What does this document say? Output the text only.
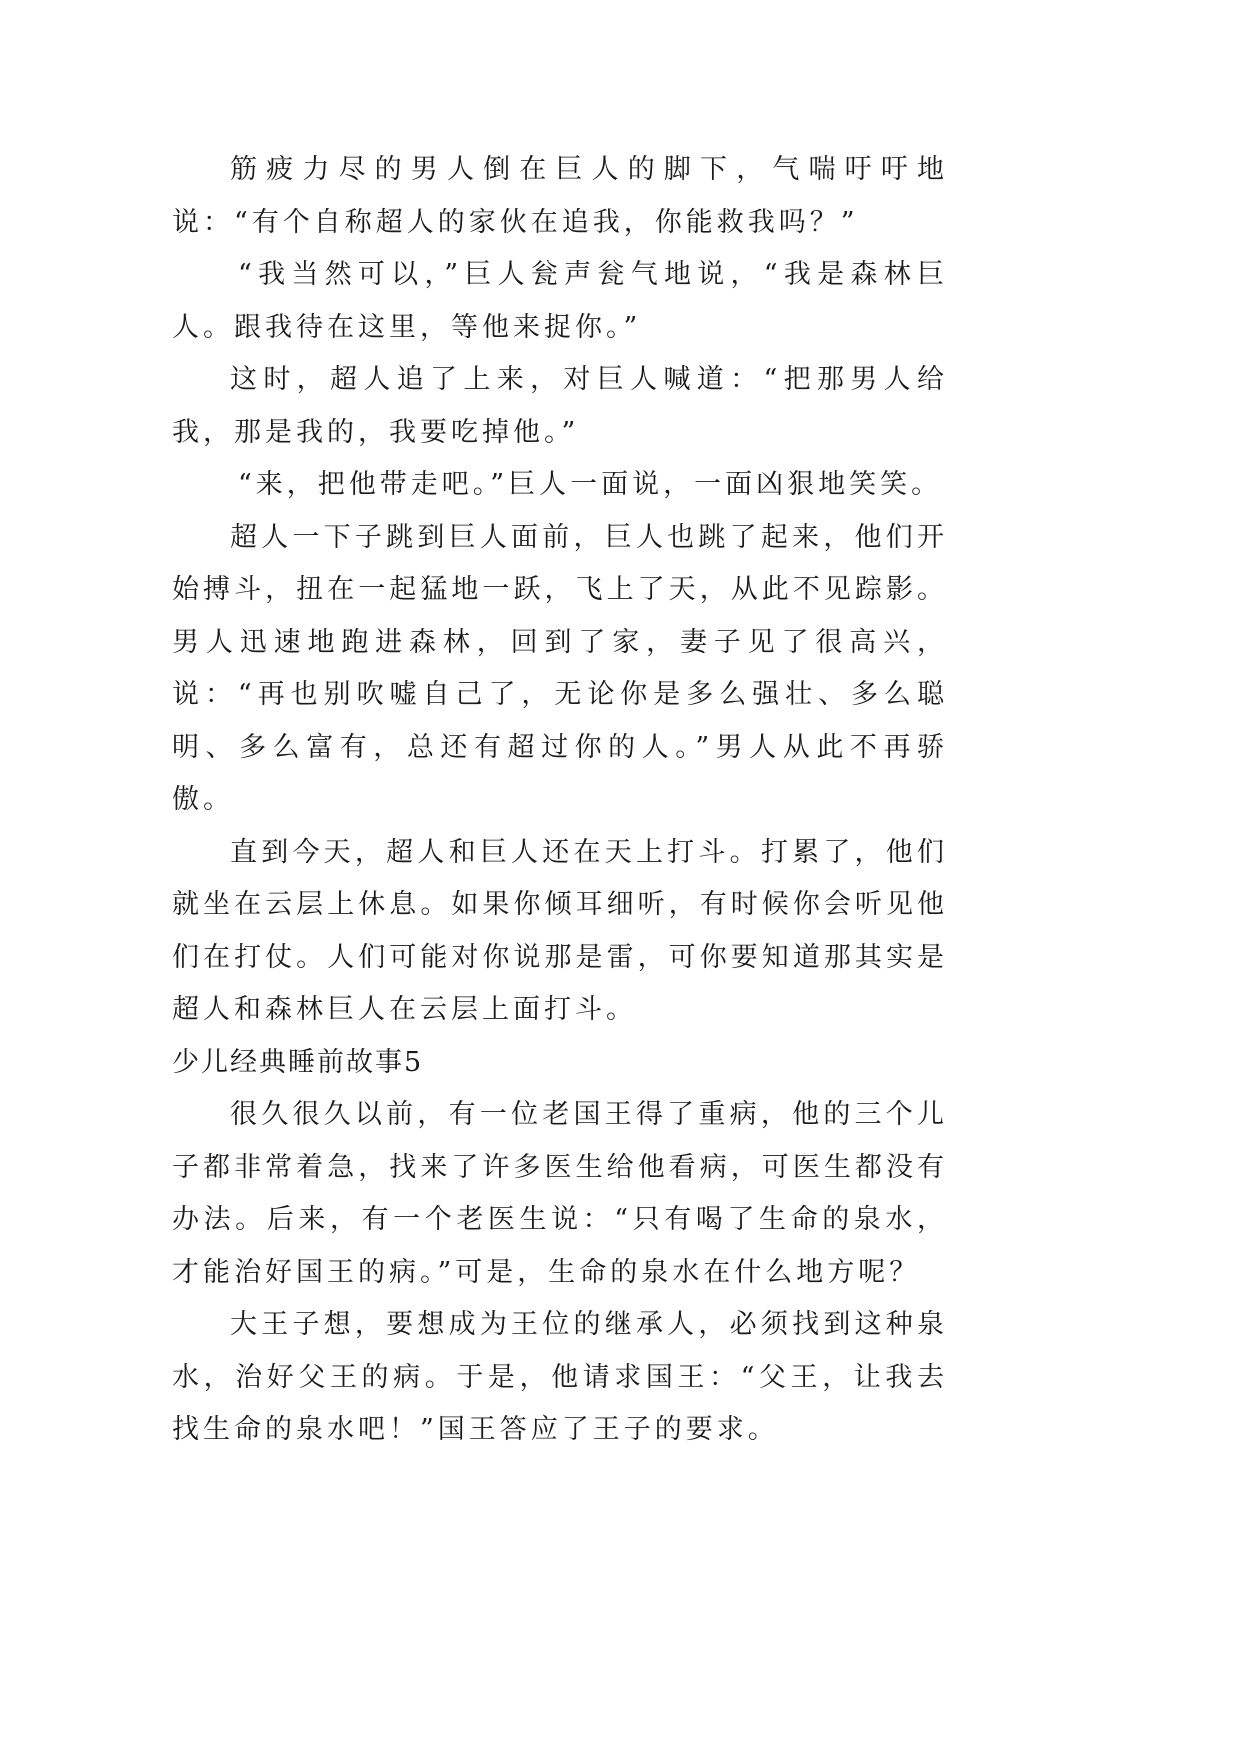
筋疲力尽的男人倒在巨人的脚下，气喘吁吁地说：“有个自称超人的家伙在追我，你能救我吗？”

“我当然可以，”巨人瓮声瓮气地说，“我是森林巨人。跟我待在这里，等他来捉你。”

这时，超人追了上来，对巨人喊道：“把那男人给我，那是我的，我要吃掉他。”

“来，把他带走吧。”巨人一面说，一面凶狠地笑笑。

超人一下子跳到巨人面前，巨人也跳了起来，他们开始搏斗，扭在一起猛地一跃，飞上了天，从此不见踪影。男人迅速地跑进森林，回到了家，妻子见了很高兴，说：“再也别吹嘘自己了，无论你是多么强壮、多么聪明、多么富有，总还有超过你的人。”男人从此不再骄傲。

直到今天，超人和巨人还在天上打斗。打累了，他们就坐在云层上休息。如果你倾耳细听，有时候你会听见他们在打仗。人们可能对你说那是雷，可你要知道那其实是超人和森林巨人在云层上面打斗。

少儿经典睡前故事5

很久很久以前，有一位老国王得了重病，他的三个儿子都非常着急，找来了许多医生给他看病，可医生都没有办法。后来，有一个老医生说：“只有喝了生命的泉水，才能治好国王的病。”可是，生命的泉水在什么地方呢？

大王子想，要想成为王位的继承人，必须找到这种泉水，治好父王的病。于是，他请求国王：“父王，让我去找生命的泉水吧！”国王答应了王子的要求。
